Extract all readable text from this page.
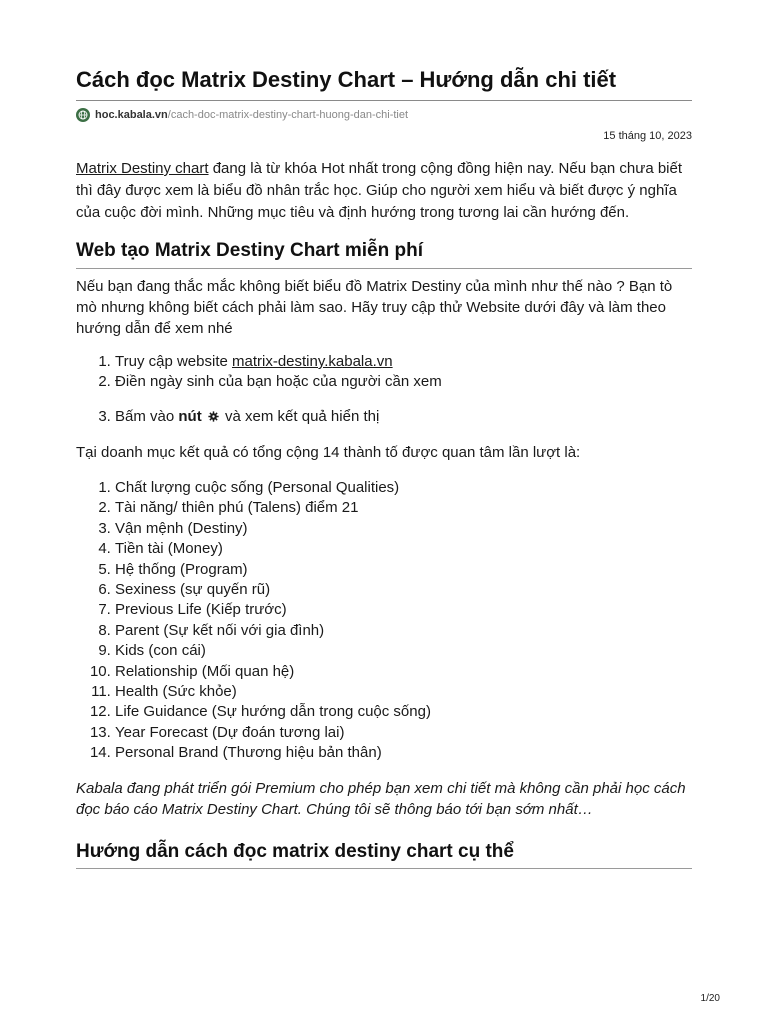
Cách đọc Matrix Destiny Chart – Hướng dẫn chi tiết
hoc.kabala.vn /cach-doc-matrix-destiny-chart-huong-dan-chi-tiet
15 tháng 10, 2023

Matrix Destiny chart đang là từ khóa Hot nhất trong cộng đồng hiện nay. Nếu bạn chưa biết thì đây được xem là biểu đồ nhân trắc học. Giúp cho người xem hiểu và biết được ý nghĩa của cuộc đời mình. Những mục tiêu và định hướng trong tương lai cần hướng đến.

Web tạo Matrix Destiny Chart miễn phí

Nếu bạn đang thắc mắc không biết biểu đồ Matrix Destiny của mình như thế nào ? Bạn tò mò nhưng không biết cách phải làm sao. Hãy truy cập thử Website dưới đây và làm theo hướng dẫn để xem nhé

1. Truy cập website matrix-destiny.kabala.vn
2. Điền ngày sinh của bạn hoặc của người cần xem
3. Bấm vào nút  và xem kết quả hiển thị

Tại doanh mục kết quả có tổng cộng 14 thành tố được quan tâm lần lượt là:

1. Chất lượng cuộc sống (Personal Qualities)
2. Tài năng/ thiên phú (Talens) điểm 21
3. Vận mệnh (Destiny)
4. Tiền tài (Money)
5. Hệ thống (Program)
6. Sexiness (sự quyến rũ)
7. Previous Life (Kiếp trước)
8. Parent (Sự kết nối với gia đình)
9. Kids (con cái)
10. Relationship (Mối quan hệ)
11. Health (Sức khỏe)
12. Life Guidance (Sự hướng dẫn trong cuộc sống)
13. Year Forecast (Dự đoán tương lai)
14. Personal Brand (Thương hiệu bản thân)

Kabala đang phát triển gói Premium cho phép bạn xem chi tiết mà không cần phải học cách đọc báo cáo Matrix Destiny Chart. Chúng tôi sẽ thông báo tới bạn sớm nhất…

Hướng dẫn cách đọc matrix destiny chart cụ thể
1/20
